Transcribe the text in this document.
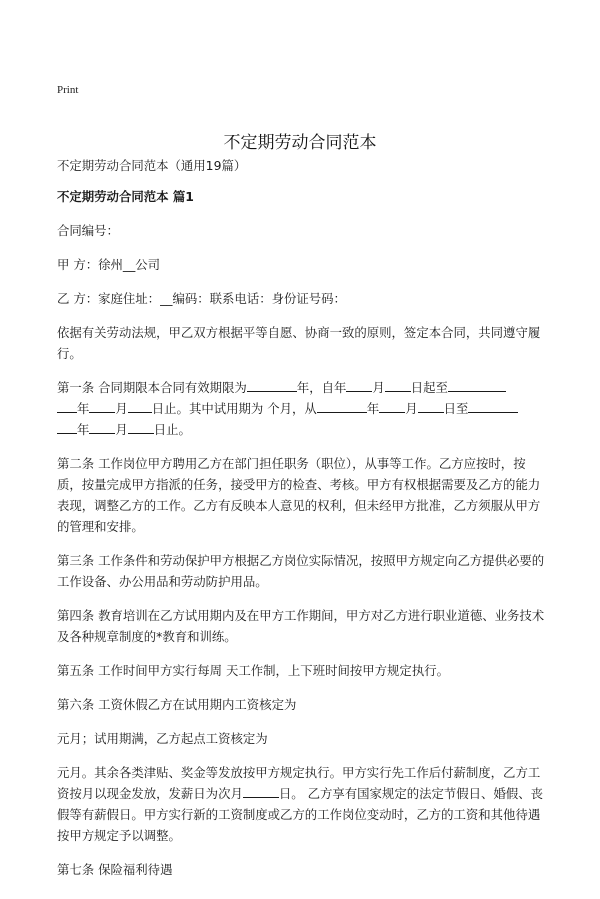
Print
不定期劳动合同范本

不定期劳动合同范本（通用19篇）

不定期劳动合同范本 篇1

合同编号：

甲 方：徐州__公司

乙 方：家庭住址：__编码：联系电话：身份证号码：

依据有关劳动法规，甲乙双方根据平等自愿、协商一致的原则，签定本合同，共同遵守履行。

第一条 合同期限本合同有效期限为	年，自年 月 日起至
年 月 日止。其中试用期为 个月，从	年 月 日至
年 月 日止。

第二条 工作岗位甲方聘用乙方在部门担任职务（职位），从事等工作。乙方应按时，按质，按量完成甲方指派的任务，接受甲方的检查、考核。甲方有权根据需要及乙方的能力表现，调整乙方的工作。乙方有反映本人意见的权利，但未经甲方批准，乙方须服从甲方的管理和安排。

第三条 工作条件和劳动保护甲方根据乙方岗位实际情况，按照甲方规定向乙方提供必要的工作设备、办公用品和劳动防护用品。

第四条 教育培训在乙方试用期内及在甲方工作期间，甲方对乙方进行职业道德、业务技术及各种规章制度的*教育和训练。

第五条 工作时间甲方实行每周 天工作制，上下班时间按甲方规定执行。

第六条 工资休假乙方在试用期内工资核定为

元月；试用期满，乙方起点工资核定为

元月。其余各类津贴、奖金等发放按甲方规定执行。甲方实行先工作后付薪制度，乙方工资按月以现金发放，发薪日为次月	日。 乙方享有国家规定的法定节假日、婚假、丧假等有薪假日。甲方实行新的工资制度或乙方的工作岗位变动时，乙方的工资和其他待遇按甲方规定予以调整。

第七条 保险福利待遇
